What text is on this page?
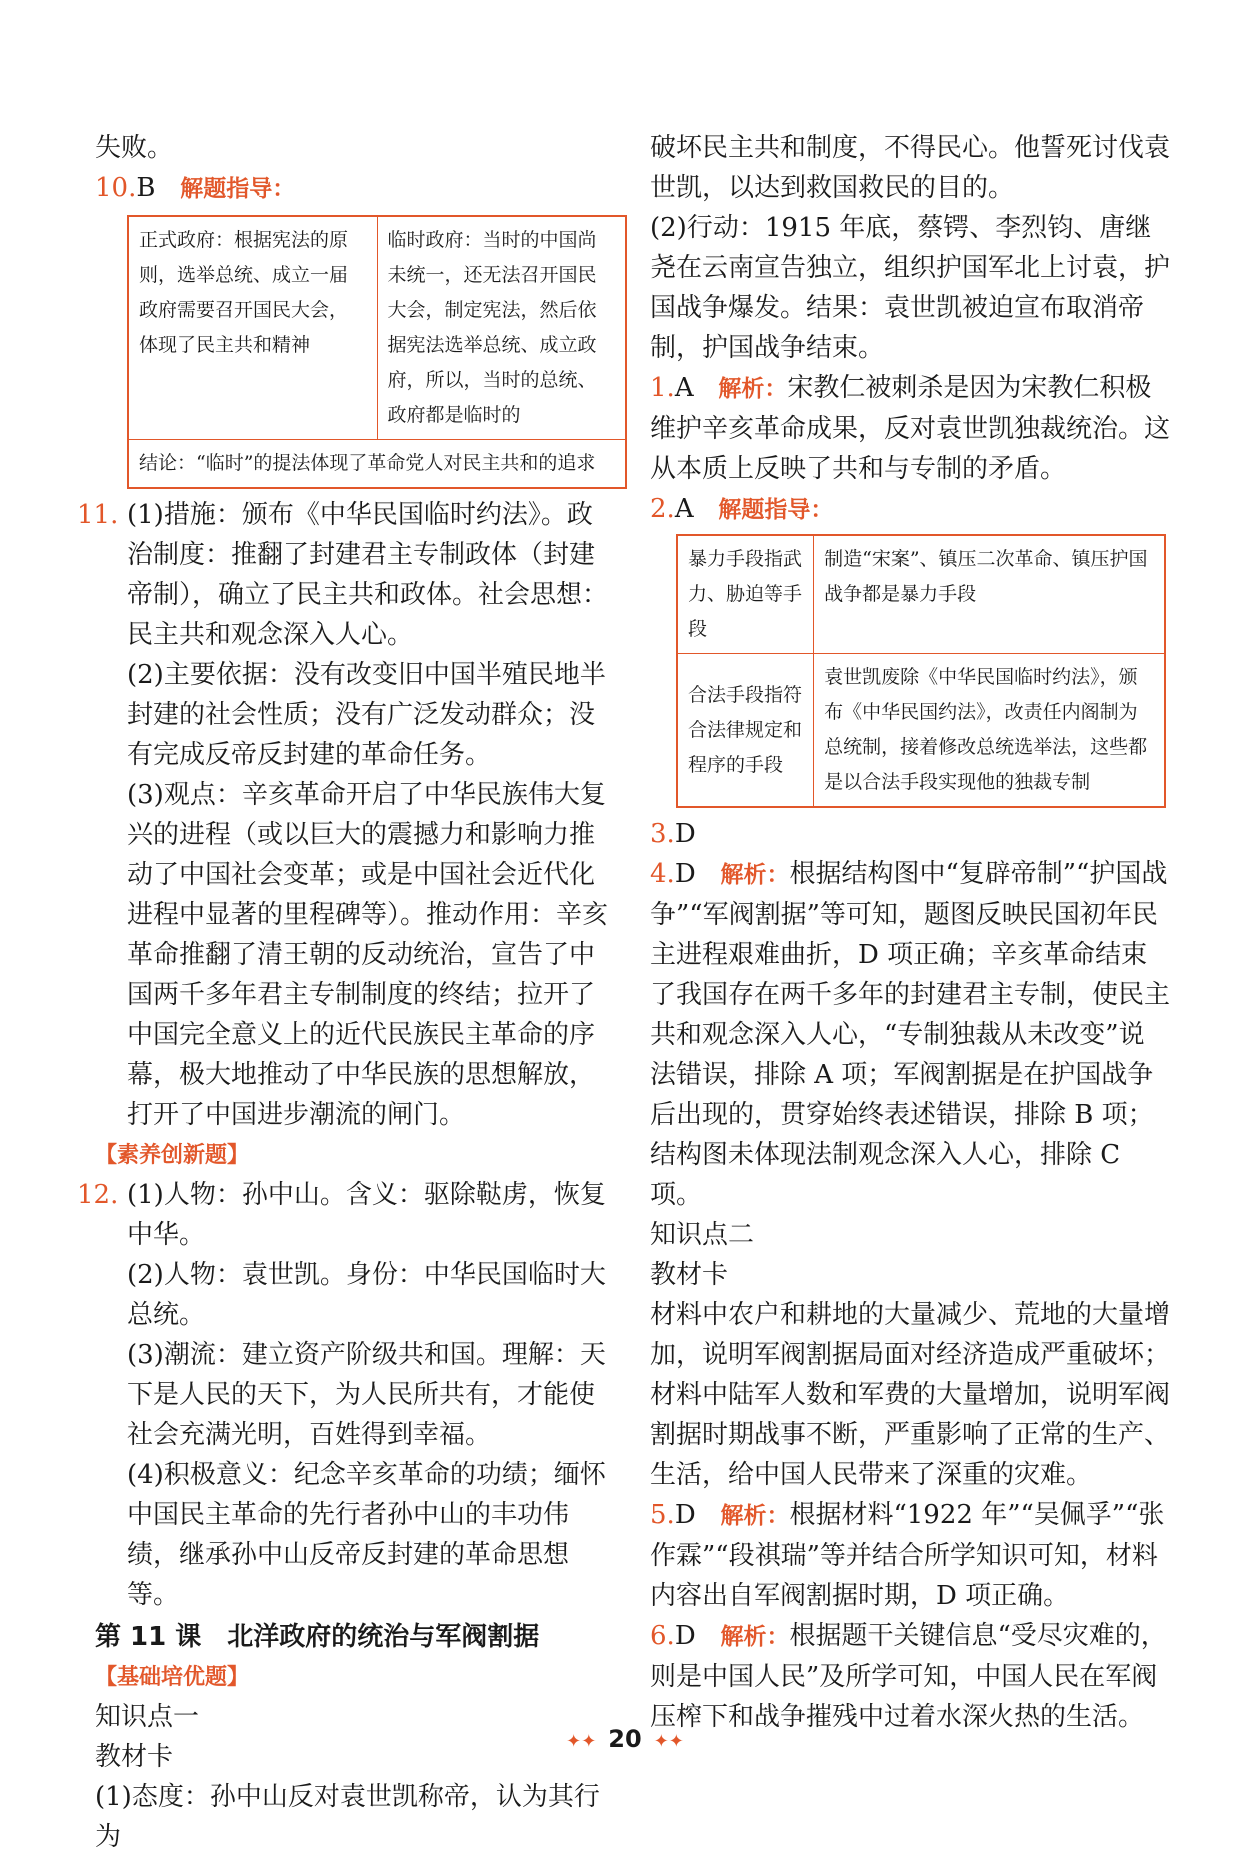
失败。

10.B 解题指导：

正式政府：根据宪法的原则，选举总统、成立一届政府需要召开国民大会，体现了民主共和精神	临时政府：当时的中国尚未统一，还无法召开国民大会，制定宪法，然后依据宪法选举总统、成立政府，所以，当时的总统、政府都是临时的
结论：“临时”的提法体现了革命党人对民主共和的追求
11. (1)措施：颁布《中华民国临时约法》。政治制度：推翻了封建君主专制政体（封建帝制），确立了民主共和政体。社会思想：民主共和观念深入人心。

(2)主要依据：没有改变旧中国半殖民地半封建的社会性质；没有广泛发动群众；没有完成反帝反封建的革命任务。

(3)观点：辛亥革命开启了中华民族伟大复兴的进程（或以巨大的震撼力和影响力推动了中国社会变革；或是中国社会近代化进程中显著的里程碑等）。推动作用：辛亥革命推翻了清王朝的反动统治，宣告了中国两千多年君主专制制度的终结；拉开了中国完全意义上的近代民族民主革命的序幕，极大地推动了中华民族的思想解放，打开了中国进步潮流的闸门。

【素养创新题】

12. (1)人物：孙中山。含义：驱除鞑虏，恢复中华。

(2)人物：袁世凯。身份：中华民国临时大总统。

(3)潮流：建立资产阶级共和国。理解：天下是人民的天下，为人民所共有，才能使社会充满光明，百姓得到幸福。

(4)积极意义：纪念辛亥革命的功绩；缅怀中国民主革命的先行者孙中山的丰功伟绩，继承孙中山反帝反封建的革命思想等。

第 11 课　北洋政府的统治与军阀割据

【基础培优题】

知识点一

教材卡

(1)态度：孙中山反对袁世凯称帝，认为其行为

破坏民主共和制度，不得民心。他誓死讨伐袁世凯，以达到救国救民的目的。

(2)行动：1915 年底，蔡锷、李烈钧、唐继尧在云南宣告独立，组织护国军北上讨袁，护国战争爆发。结果：袁世凯被迫宣布取消帝制，护国战争结束。

1.A 解析：宋教仁被刺杀是因为宋教仁积极维护辛亥革命成果，反对袁世凯独裁统治。这从本质上反映了共和与专制的矛盾。

2.A 解题指导：

暴力手段指武力、胁迫等手段	制造“宋案”、镇压二次革命、镇压护国战争都是暴力手段
合法手段指符合法律规定和程序的手段	袁世凯废除《中华民国临时约法》，颁布《中华民国约法》，改责任内阁制为总统制，接着修改总统选举法，这些都是以合法手段实现他的独裁专制

3.D

4.D 解析：根据结构图中“复辟帝制”“护国战争”“军阀割据”等可知，题图反映民国初年民主进程艰难曲折，D 项正确；辛亥革命结束了我国存在两千多年的封建君主专制，使民主共和观念深入人心，“专制独裁从未改变”说法错误，排除 A 项；军阀割据是在护国战争后出现的，贯穿始终表述错误，排除 B 项；结构图未体现法制观念深入人心，排除 C 项。

知识点二

教材卡

材料中农户和耕地的大量减少、荒地的大量增加，说明军阀割据局面对经济造成严重破坏；材料中陆军人数和军费的大量增加，说明军阀割据时期战事不断，严重影响了正常的生产、生活，给中国人民带来了深重的灾难。

5.D 解析：根据材料“1922 年”“吴佩孚”“张作霖”“段祺瑞”等并结合所学知识可知，材料内容出自军阀割据时期，D 项正确。

6.D 解析：根据题干关键信息“受尽灾难的，则是中国人民”及所学可知，中国人民在军阀压榨下和战争摧残中过着水深火热的生活。

✦✦ 20 ✦✦
